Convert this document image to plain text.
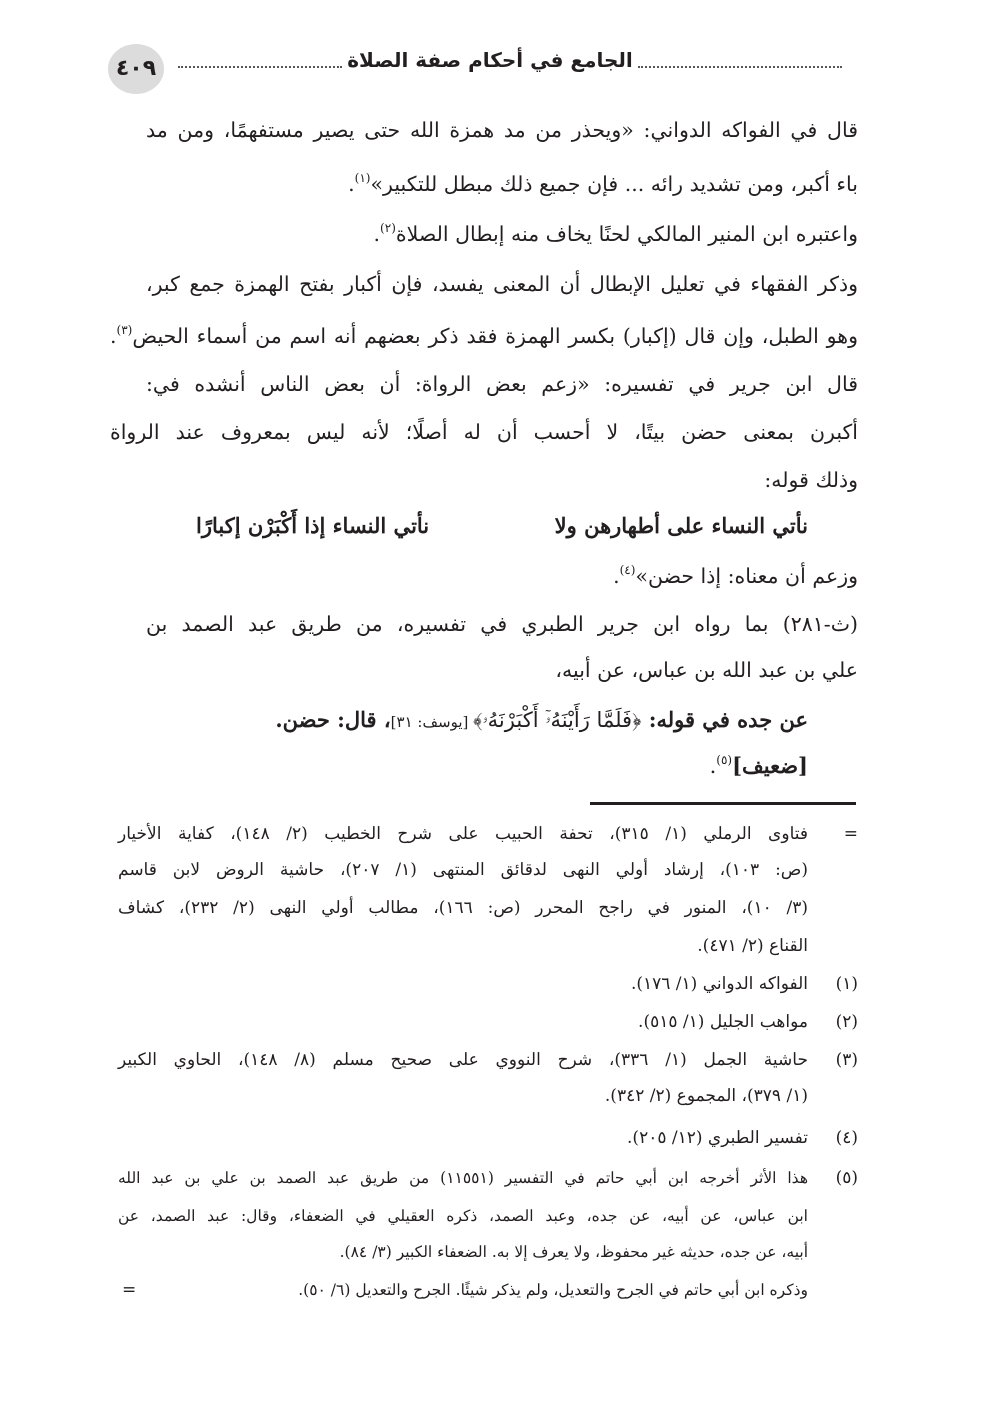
٤٠٩	الجامع في أحكام صفة الصلاة
قال في الفواكه الدواني: «ويحذر من مد همزة الله حتى يصير مستفهمًا، ومن مد
باء أكبر، ومن تشديد رائه ... فإن جميع ذلك مبطل للتكبير»$^{(١)}$.
واعتبره ابن المنير المالكي لحنًا يخاف منه إبطال الصلاة$^{(٢)}$.
وذكر الفقهاء في تعليل الإبطال أن المعنى يفسد، فإن أكبار بفتح الهمزة جمع كبر،
وهو الطبل، وإن قال (إكبار) بكسر الهمزة فقد ذكر بعضهم أنه اسم من أسماء الحيض$^{(٣)}$.
قال ابن جرير في تفسيره: «زعم بعض الرواة: أن بعض الناس أنشده في:
أكبرن بمعنى حضن بيتًا، لا أحسب أن له أصلًا؛ لأنه ليس بمعروف عند الرواة
وذلك قوله:
نأتي النساء على أطهارهن ولا
نأتي النساء إذا أَكْبَرْن إكبارًا
وزعم أن معناه: إذا حضن»$^{(٤)}$.
(ث-٢٨١) بما رواه ابن جرير الطبري في تفسيره، من طريق عبد الصمد بن
علي بن عبد الله بن عباس، عن أبيه،
عن جده في قوله: ﴿فَلَمَّا رَأَيْنَهُۥٓ أَكْبَرْنَهُۥ﴾ [يوسف: ٣١]، قال: حضن.
[ضعيف]$^{(٥)}$.
=
فتاوى الرملي (١/ ٣١٥)، تحفة الحبيب على شرح الخطيب (٢/ ١٤٨)، كفاية الأخيار
(ص: ١٠٣)، إرشاد أولي النهى لدقائق المنتهى (١/ ٢٠٧)، حاشية الروض لابن قاسم
(٣/ ١٠)، المنور في راجح المحرر (ص: ١٦٦)، مطالب أولي النهى (٢/ ٢٣٢)، كشاف
القناع (٢/ ٤٧١).
(١)
الفواكه الدواني (١/ ١٧٦).
(٢)
مواهب الجليل (١/ ٥١٥).
(٣)
حاشية الجمل (١/ ٣٣٦)، شرح النووي على صحيح مسلم (٨/ ١٤٨)، الحاوي الكبير
(١/ ٣٧٩)، المجموع (٢/ ٣٤٢).
(٤)
تفسير الطبري (١٢/ ٢٠٥).
(٥)
هذا الأثر أخرجه ابن أبي حاتم في التفسير (١١٥٥١) من طريق عبد الصمد بن علي بن عبد الله
ابن عباس، عن أبيه، عن جده، وعبد الصمد، ذكره العقيلي في الضعفاء، وقال: عبد الصمد، عن
أبيه، عن جده، حديثه غير محفوظ، ولا يعرف إلا به. الضعفاء الكبير (٣/ ٨٤).
وذكره ابن أبي حاتم في الجرح والتعديل، ولم يذكر شيئًا. الجرح والتعديل (٦/ ٥٠).
=
